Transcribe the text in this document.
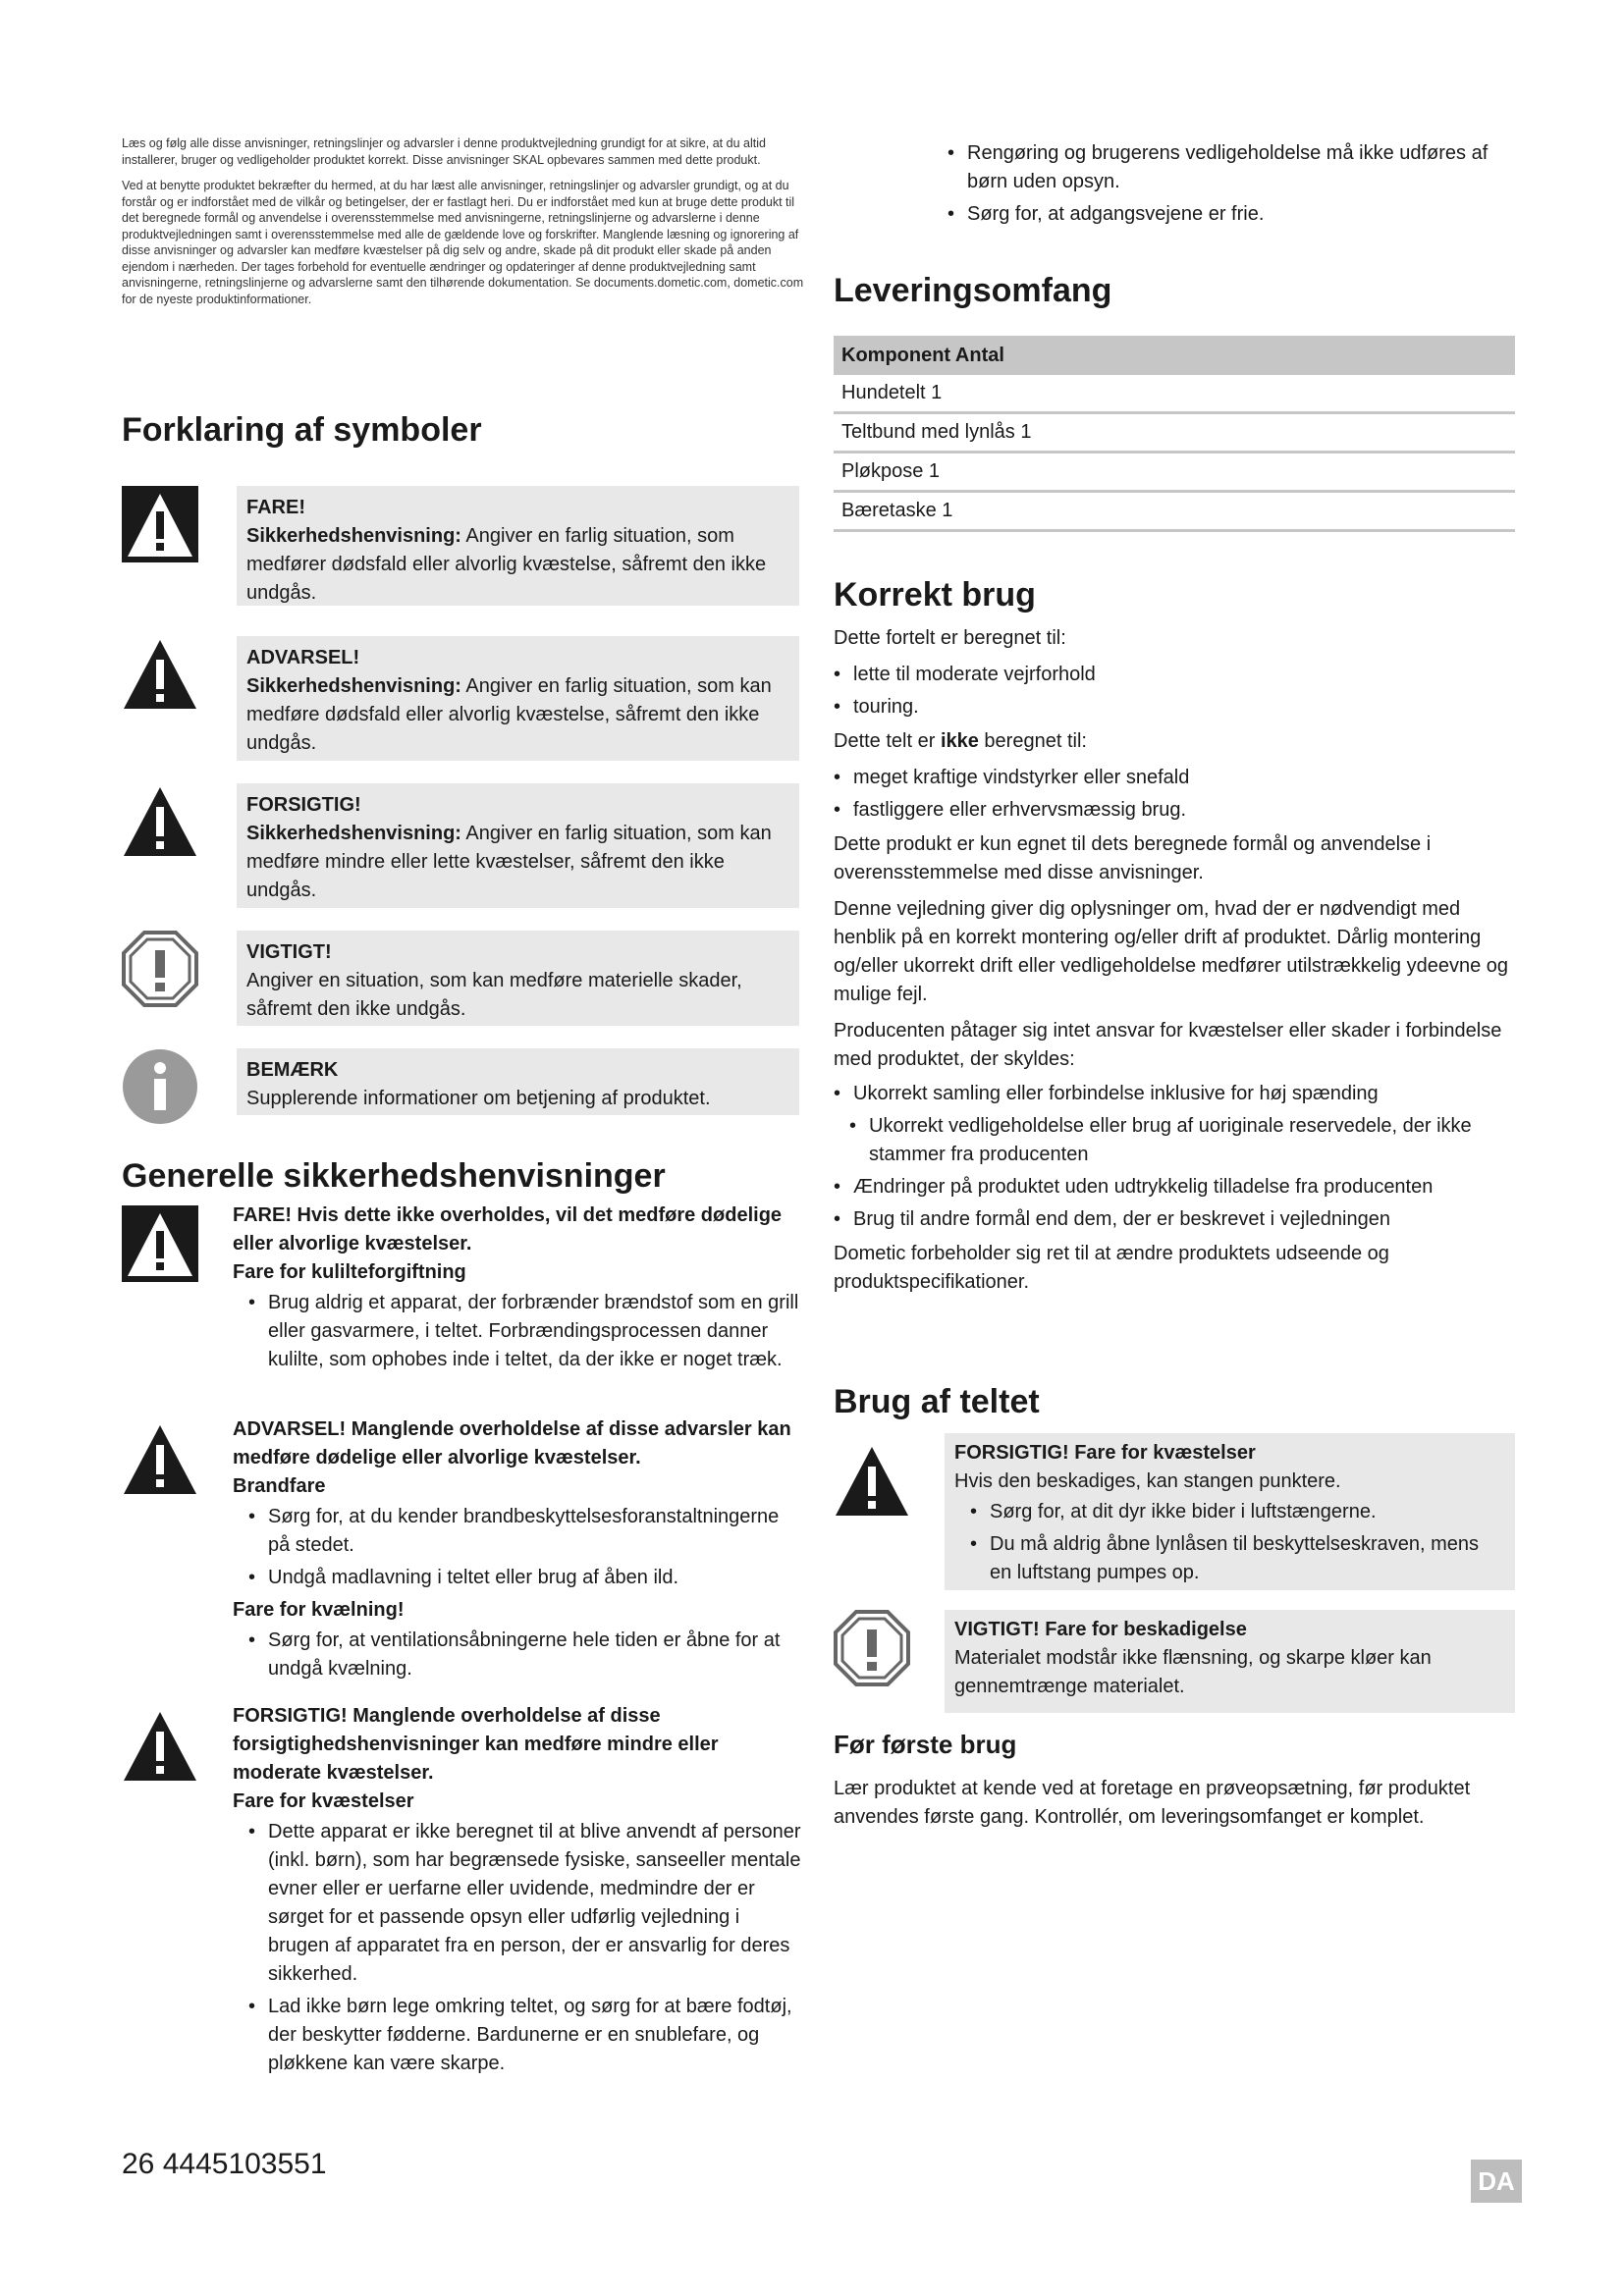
Læs og følg alle disse anvisninger, retningslinjer og advarsler i denne produktvejledning grundigt for at sikre, at du altid installerer, bruger og vedligeholder produktet korrekt. Disse anvisninger SKAL opbevares sammen med dette produkt.

Ved at benytte produktet bekræfter du hermed, at du har læst alle anvisninger, retningslinjer og advarsler grundigt, og at du forstår og er indforstået med de vilkår og betingelser, der er fastlagt heri. Du er indforstået med kun at bruge dette produkt til det beregnede formål og anvendelse i overensstemmelse med anvisningerne, retningslinjerne og advarslerne i denne produktvejledningen samt i overensstemmelse med alle de gældende love og forskrifter. Manglende læsning og ignorering af disse anvisninger og advarsler kan medføre kvæstelser på dig selv og andre, skade på dit produkt eller skade på anden ejendom i nærheden. Der tages forbehold for eventuelle ændringer og opdateringer af denne produktvejledning samt anvisningerne, retningslinjerne og advarslerne samt den tilhørende dokumentation. Se documents.dometic.com, dometic.com for de nyeste produktinformationer.

Forklaring af symboler
FARE!
Sikkerhedshenvisning: Angiver en farlig situation, som medfører dødsfald eller alvorlig kvæstelse, såfremt den ikke undgås.
ADVARSEL!
Sikkerhedshenvisning: Angiver en farlig situation, som kan medføre dødsfald eller alvorlig kvæstelse, såfremt den ikke undgås.
FORSIGTIG!
Sikkerhedshenvisning: Angiver en farlig situation, som kan medføre mindre eller lette kvæstelser, såfremt den ikke undgås.
VIGTIGT!
Angiver en situation, som kan medføre materielle skader, såfremt den ikke undgås.
BEMÆRK
Supplerende informationer om betjening af produktet.
Generelle sikkerhedshenvisninger
FARE! Hvis dette ikke overholdes, vil det medføre dødelige eller alvorlige kvæstelser.
Fare for kulilteforgiftning
• Brug aldrig et apparat, der forbrænder brændstof som en grill eller gasvarmere, i teltet. Forbrændingsprocessen danner kulilte, som ophobes inde i teltet, da der ikke er noget træk.
ADVARSEL! Manglende overholdelse af disse advarsler kan medføre dødelige eller alvorlige kvæstelser.
Brandfare
• Sørg for, at du kender brandbeskyttelsesforanstaltningerne på stedet.
• Undgå madlavning i teltet eller brug af åben ild.
Fare for kvælning!
• Sørg for, at ventilationsåbningerne hele tiden er åbne for at undgå kvælning.
FORSIGTIG! Manglende overholdelse af disse forsigtighedshenvisninger kan medføre mindre eller moderate kvæstelser.
Fare for kvæstelser
• Dette apparat er ikke beregnet til at blive anvendt af personer (inkl. børn), som har begrænsede fysiske, sanseeller mentale evner eller er uerfarne eller uvidende, medmindre der er sørget for et passende opsyn eller udførlig vejledning i brugen af apparatet fra en person, der er ansvarlig for deres sikkerhed.
• Lad ikke børn lege omkring teltet, og sørg for at bære fodtøj, der beskytter fødderne. Bardunerne er en snublefare, og pløkkene kan være skarpe.
• Rengøring og brugerens vedligeholdelse må ikke udføres af børn uden opsyn.
• Sørg for, at adgangsvejene er frie.
Leveringsomfang
Komponent Antal
Hundetelt 1
Teltbund med lynlås 1
Pløkpose 1
Bæretaske 1
Korrekt brug

Dette fortelt er beregnet til:

• lette til moderate vejrforhold
• touring.

Dette telt er ikke beregnet til:

• meget kraftige vindstyrker eller snefald
• fastliggere eller erhvervsmæssig brug.

Dette produkt er kun egnet til dets beregnede formål og anvendelse i overensstemmelse med disse anvisninger.

Denne vejledning giver dig oplysninger om, hvad der er nødvendigt med henblik på en korrekt montering og/eller drift af produktet. Dårlig montering og/eller ukorrekt drift eller vedligeholdelse medfører utilstrækkelig ydeevne og mulige fejl.

Producenten påtager sig intet ansvar for kvæstelser eller skader i forbindelse med produktet, der skyldes:

• Ukorrekt samling eller forbindelse inklusive for høj spænding
• Ukorrekt vedligeholdelse eller brug af uoriginale reservedele, der ikke stammer fra producenten
• Ændringer på produktet uden udtrykkelig tilladelse fra producenten
• Brug til andre formål end dem, der er beskrevet i vejledningen

Dometic forbeholder sig ret til at ændre produktets udseende og produktspecifikationer.

Brug af teltet
FORSIGTIG! Fare for kvæstelser
Hvis den beskadiges, kan stangen punktere.
• Sørg for, at dit dyr ikke bider i luftstængerne.
• Du må aldrig åbne lynlåsen til beskyttelseskraven, mens en luftstang pumpes op.
VIGTIGT! Fare for beskadigelse
Materialet modstår ikke flænsning, og skarpe kløer kan gennemtrænge materialet.
Før første brug
Lær produktet at kende ved at foretage en prøveopsætning, før produktet anvendes første gang. Kontrollér, om leveringsomfanget er komplet.
26 4445103551
DA
